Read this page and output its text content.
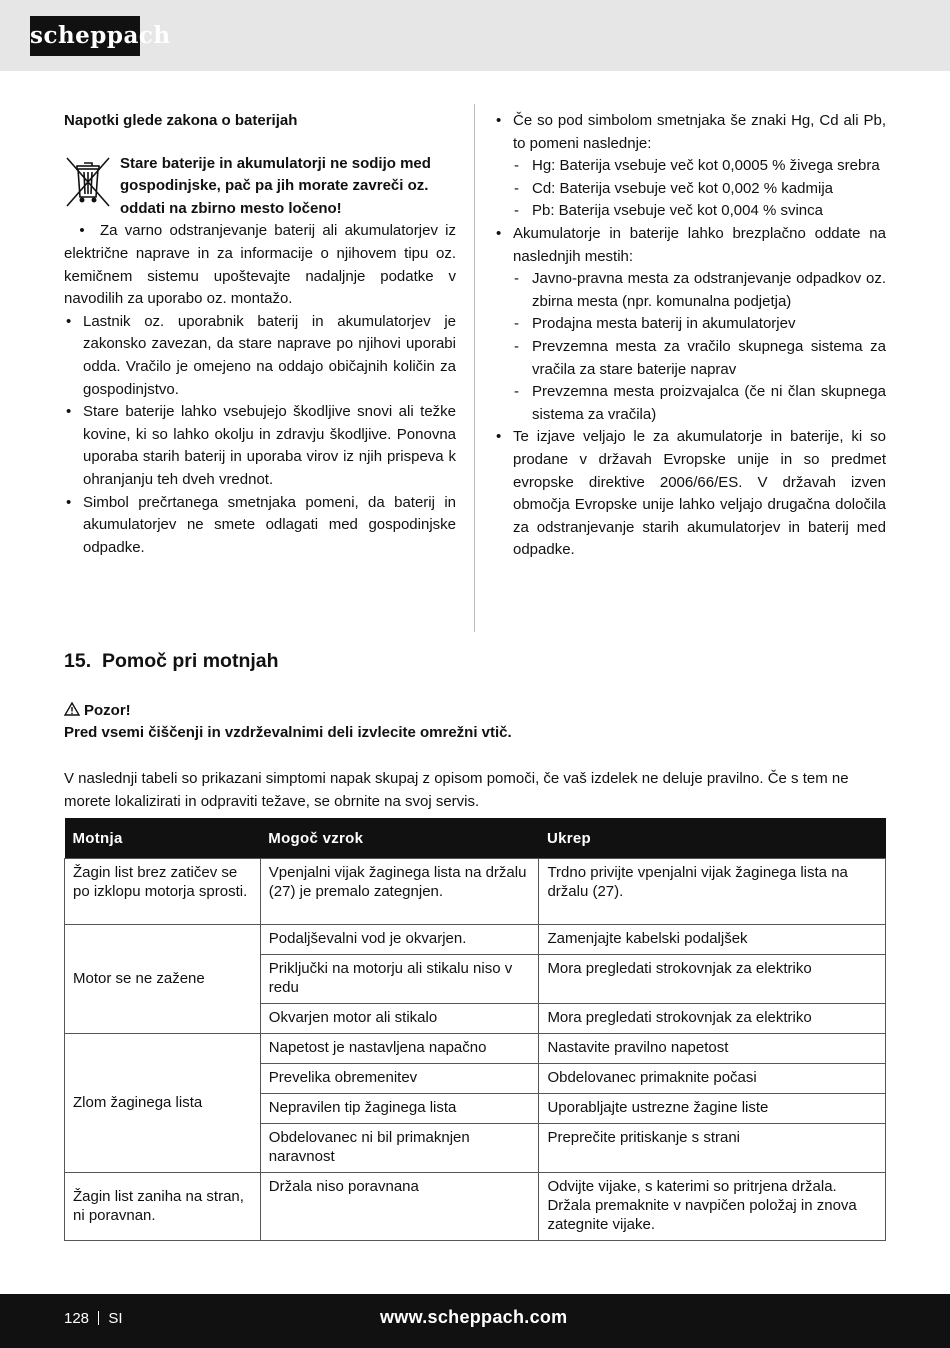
scheppach
Napotki glede zakona o baterijah
Stare baterije in akumulatorji ne sodijo med gospodinjske, pač pa jih morate zavreči oz. oddati na zbirno mesto ločeno!
• Za varno odstranjevanje baterij ali akumulatorjev iz električne naprave in za informacije o njihovem tipu oz. kemičnem sistemu upoštevajte nadaljnje podatke v navodilih za uporabo oz. montažo.
• Lastnik oz. uporabnik baterij in akumulatorjev je zakonsko zavezan, da stare naprave po njihovi uporabi odda. Vračilo je omejeno na oddajo običajnih količin za gospodinjstvo.
• Stare baterije lahko vsebujejo škodljive snovi ali težke kovine, ki so lahko okolju in zdravju škodljive. Ponovna uporaba starih baterij in uporaba virov iz njih prispeva k ohranjanju teh dveh vrednot.
• Simbol prečrtanega smetnjaka pomeni, da baterij in akumulatorjev ne smete odlagati med gospodinjske odpadke.
• Če so pod simbolom smetnjaka še znaki Hg, Cd ali Pb, to pomeni naslednje:
- Hg: Baterija vsebuje več kot 0,0005 % živega srebra
- Cd: Baterija vsebuje več kot 0,002 % kadmija
- Pb: Baterija vsebuje več kot 0,004 % svinca
• Akumulatorje in baterije lahko brezplačno oddate na naslednjih mestih:
- Javno-pravna mesta za odstranjevanje odpadkov oz. zbirna mesta (npr. komunalna podjetja)
- Prodajna mesta baterij in akumulatorjev
- Prevzemna mesta za vračilo skupnega sistema za vračila za stare baterije naprav
- Prevzemna mesta proizvajalca (če ni član skupnega sistema za vračila)
• Te izjave veljajo le za akumulatorje in baterije, ki so prodane v državah Evropske unije in so predmet evropske direktive 2006/66/ES. V državah izven območja Evropske unije lahko veljajo drugačna določila za odstranjevanje starih akumulatorjev in baterij med odpadke.
15. Pomoč pri motnjah
Pozor!
Pred vsemi čiščenji in vzdrževalnimi deli izvlecite omrežni vtič.
V naslednji tabeli so prikazani simptomi napak skupaj z opisom pomoči, če vaš izdelek ne deluje pravilno. Če s tem ne morete lokalizirati in odpraviti težave, se obrnite na svoj servis.
Motnja	Mogoč vzrok	Ukrep
Žagin list brez zatičev se po izklopu motorja sprosti.	Vpenjalni vijak žaginega lista na držalu (27) je premalo zategnjen.	Trdno privijte vpenjalni vijak žaginega lista na držalu (27).
Motor se ne zažene	Podaljševalni vod je okvarjen.	Zamenjajte kabelski podaljšek
	Priključki na motorju ali stikalu niso v redu	Mora pregledati strokovnjak za elektriko
	Okvarjen motor ali stikalo	Mora pregledati strokovnjak za elektriko
Zlom žaginega lista	Napetost je nastavljena napačno	Nastavite pravilno napetost
	Prevelika obremenitev	Obdelovanec primaknite počasi
	Nepravilen tip žaginega lista	Uporabljajte ustrezne žagine liste
	Obdelovanec ni bil primaknjen naravnost	Preprečite pritiskanje s strani
Žagin list zaniha na stran, ni poravnan.	Držala niso poravnana	Odvijte vijake, s katerimi so pritrjena držala. Držala premaknite v navpičen položaj in znova zategnite vijake.
128 SI	www.scheppach.com
